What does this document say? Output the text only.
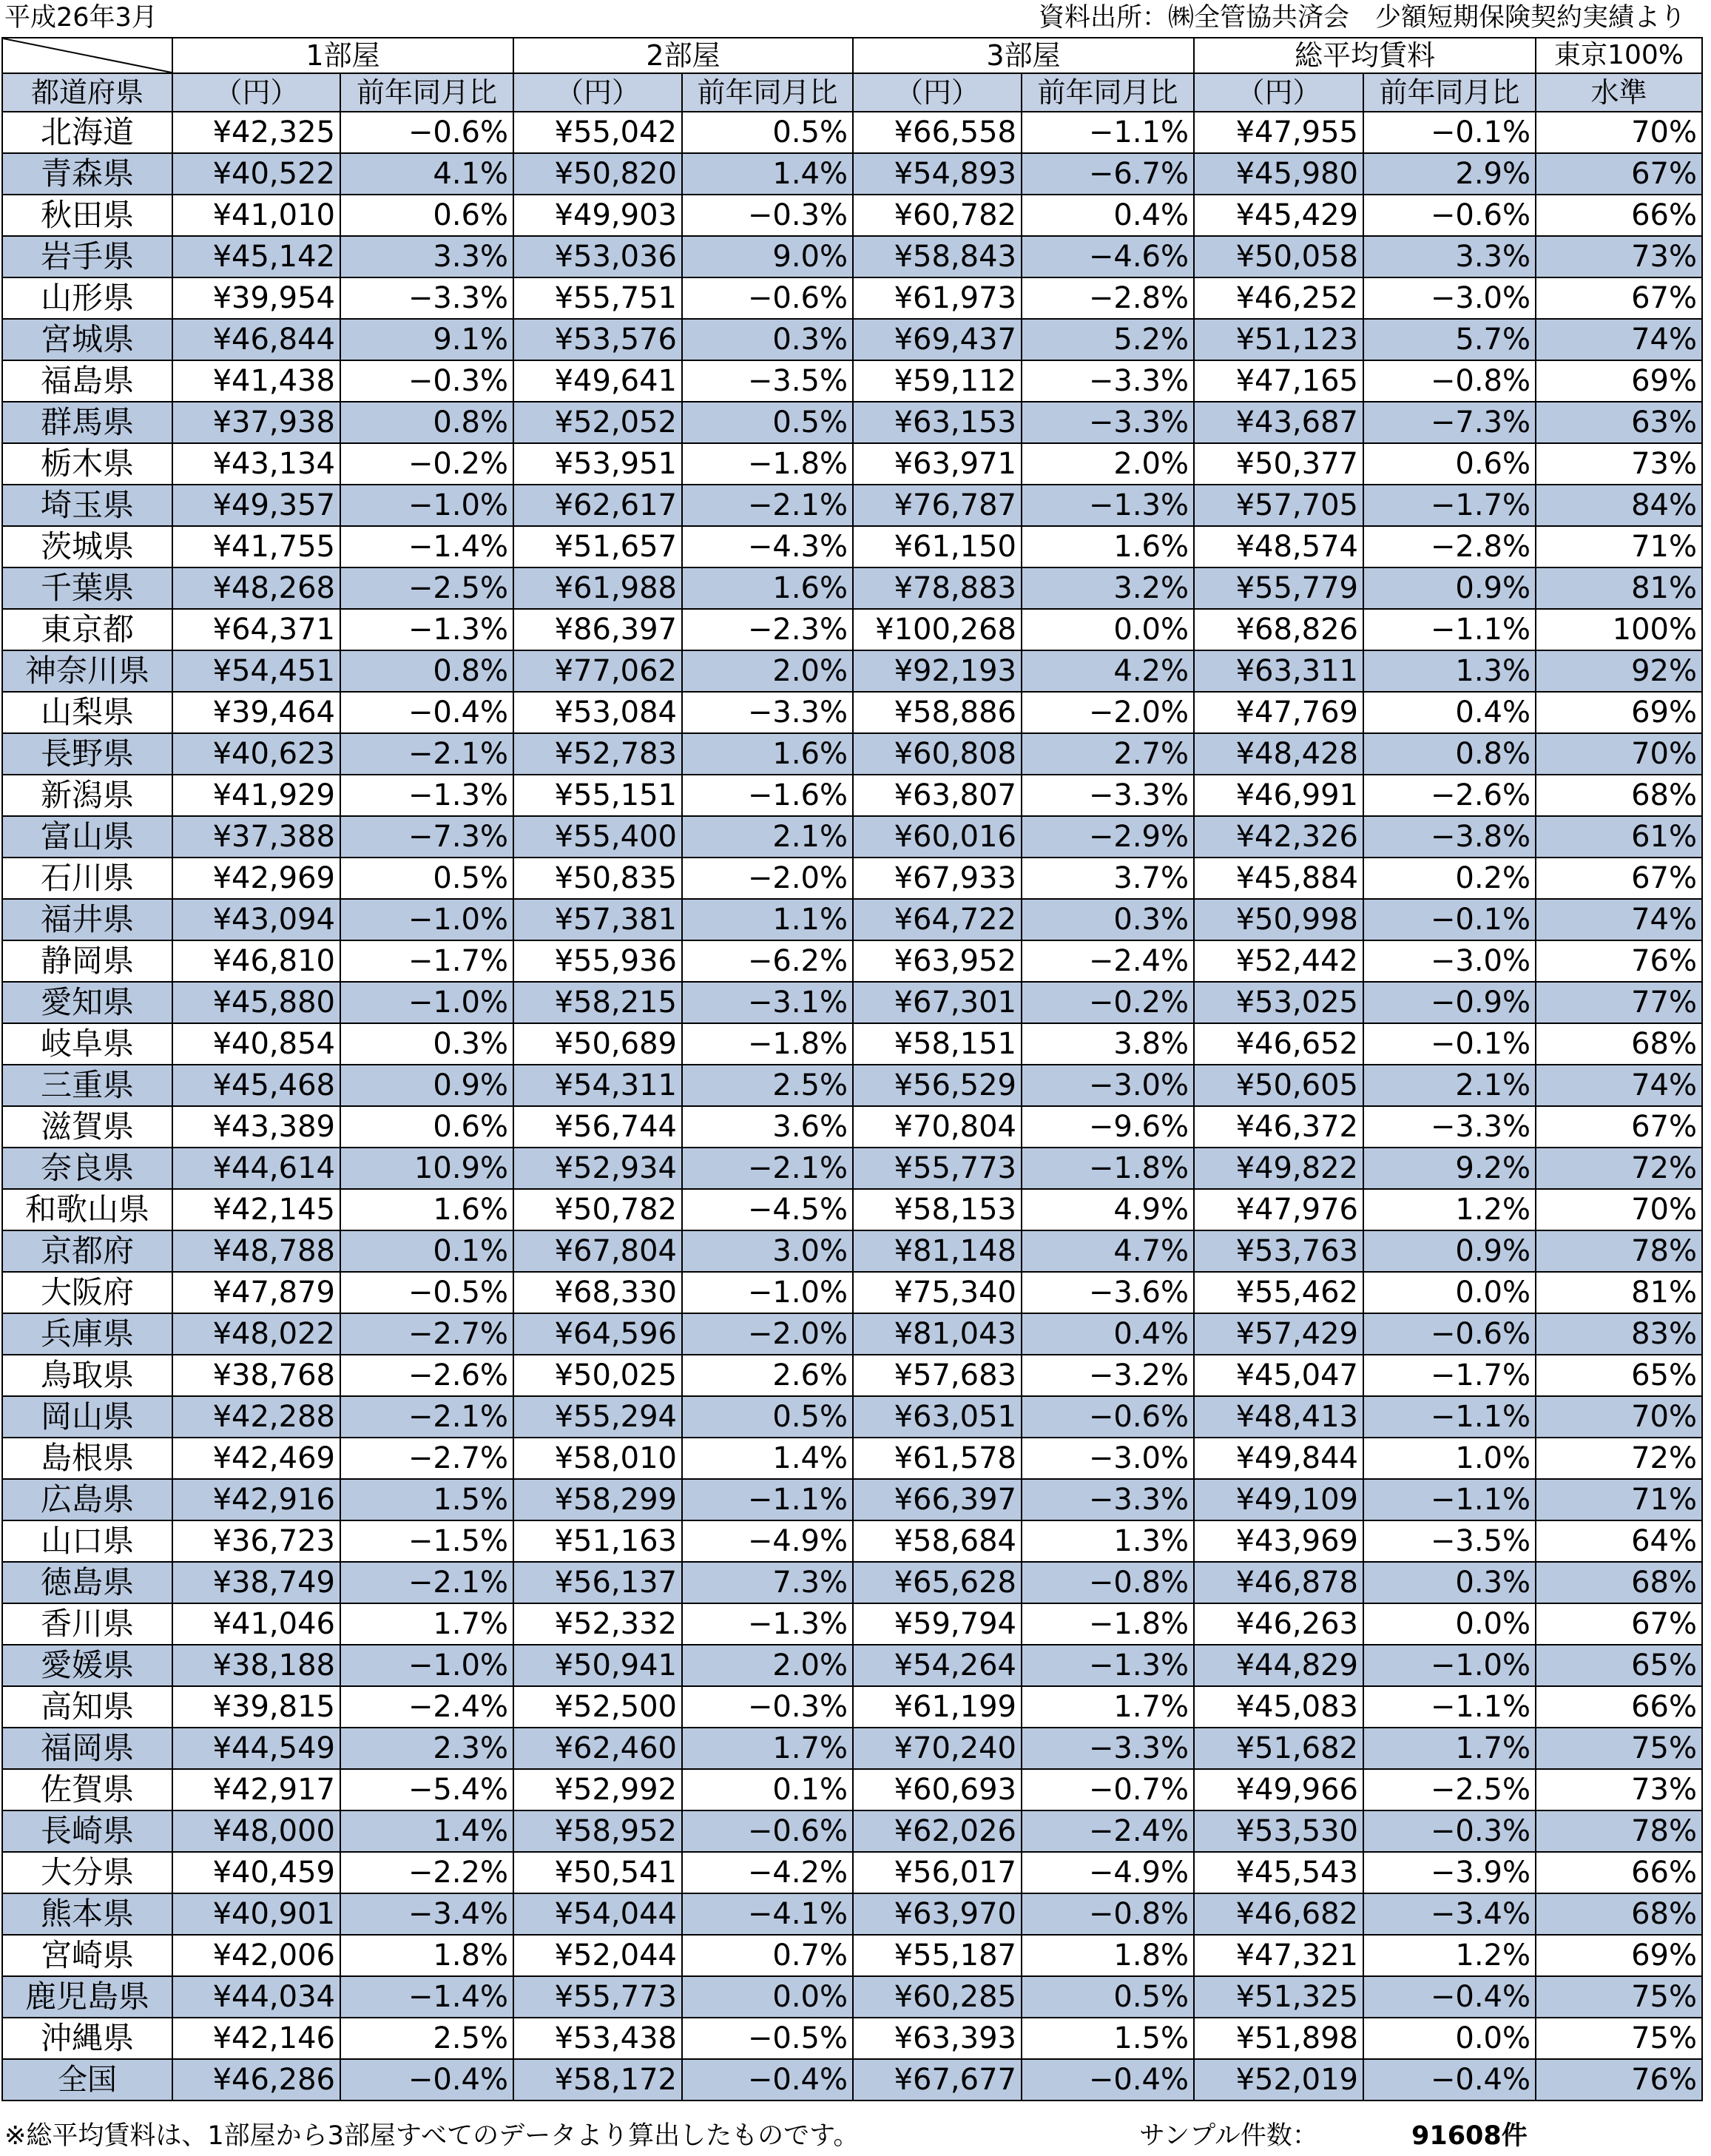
平成26年3月	資料出所：㈱全管協共済会　少額短期保険契約実績より
	1部屋		2部屋		3部屋		総平均賃料		東京100%
都道府県	（円）	前年同月比	（円）	前年同月比	（円）	前年同月比	（円）	前年同月比	水準
北海道	¥42,325	−0.6%	¥55,042	0.5%	¥66,558	−1.1%	¥47,955	−0.1%	70%
青森県	¥40,522	4.1%	¥50,820	1.4%	¥54,893	−6.7%	¥45,980	2.9%	67%
秋田県	¥41,010	0.6%	¥49,903	−0.3%	¥60,782	0.4%	¥45,429	−0.6%	66%
岩手県	¥45,142	3.3%	¥53,036	9.0%	¥58,843	−4.6%	¥50,058	3.3%	73%
山形県	¥39,954	−3.3%	¥55,751	−0.6%	¥61,973	−2.8%	¥46,252	−3.0%	67%
宮城県	¥46,844	9.1%	¥53,576	0.3%	¥69,437	5.2%	¥51,123	5.7%	74%
福島県	¥41,438	−0.3%	¥49,641	−3.5%	¥59,112	−3.3%	¥47,165	−0.8%	69%
群馬県	¥37,938	0.8%	¥52,052	0.5%	¥63,153	−3.3%	¥43,687	−7.3%	63%
栃木県	¥43,134	−0.2%	¥53,951	−1.8%	¥63,971	2.0%	¥50,377	0.6%	73%
埼玉県	¥49,357	−1.0%	¥62,617	−2.1%	¥76,787	−1.3%	¥57,705	−1.7%	84%
茨城県	¥41,755	−1.4%	¥51,657	−4.3%	¥61,150	1.6%	¥48,574	−2.8%	71%
千葉県	¥48,268	−2.5%	¥61,988	1.6%	¥78,883	3.2%	¥55,779	0.9%	81%
東京都	¥64,371	−1.3%	¥86,397	−2.3%	¥100,268	0.0%	¥68,826	−1.1%	100%
神奈川県	¥54,451	0.8%	¥77,062	2.0%	¥92,193	4.2%	¥63,311	1.3%	92%
山梨県	¥39,464	−0.4%	¥53,084	−3.3%	¥58,886	−2.0%	¥47,769	0.4%	69%
長野県	¥40,623	−2.1%	¥52,783	1.6%	¥60,808	2.7%	¥48,428	0.8%	70%
新潟県	¥41,929	−1.3%	¥55,151	−1.6%	¥63,807	−3.3%	¥46,991	−2.6%	68%
富山県	¥37,388	−7.3%	¥55,400	2.1%	¥60,016	−2.9%	¥42,326	−3.8%	61%
石川県	¥42,969	0.5%	¥50,835	−2.0%	¥67,933	3.7%	¥45,884	0.2%	67%
福井県	¥43,094	−1.0%	¥57,381	1.1%	¥64,722	0.3%	¥50,998	−0.1%	74%
静岡県	¥46,810	−1.7%	¥55,936	−6.2%	¥63,952	−2.4%	¥52,442	−3.0%	76%
愛知県	¥45,880	−1.0%	¥58,215	−3.1%	¥67,301	−0.2%	¥53,025	−0.9%	77%
岐阜県	¥40,854	0.3%	¥50,689	−1.8%	¥58,151	3.8%	¥46,652	−0.1%	68%
三重県	¥45,468	0.9%	¥54,311	2.5%	¥56,529	−3.0%	¥50,605	2.1%	74%
滋賀県	¥43,389	0.6%	¥56,744	3.6%	¥70,804	−9.6%	¥46,372	−3.3%	67%
奈良県	¥44,614	10.9%	¥52,934	−2.1%	¥55,773	−1.8%	¥49,822	9.2%	72%
和歌山県	¥42,145	1.6%	¥50,782	−4.5%	¥58,153	4.9%	¥47,976	1.2%	70%
京都府	¥48,788	0.1%	¥67,804	3.0%	¥81,148	4.7%	¥53,763	0.9%	78%
大阪府	¥47,879	−0.5%	¥68,330	−1.0%	¥75,340	−3.6%	¥55,462	0.0%	81%
兵庫県	¥48,022	−2.7%	¥64,596	−2.0%	¥81,043	0.4%	¥57,429	−0.6%	83%
鳥取県	¥38,768	−2.6%	¥50,025	2.6%	¥57,683	−3.2%	¥45,047	−1.7%	65%
岡山県	¥42,288	−2.1%	¥55,294	0.5%	¥63,051	−0.6%	¥48,413	−1.1%	70%
島根県	¥42,469	−2.7%	¥58,010	1.4%	¥61,578	−3.0%	¥49,844	1.0%	72%
広島県	¥42,916	1.5%	¥58,299	−1.1%	¥66,397	−3.3%	¥49,109	−1.1%	71%
山口県	¥36,723	−1.5%	¥51,163	−4.9%	¥58,684	1.3%	¥43,969	−3.5%	64%
徳島県	¥38,749	−2.1%	¥56,137	7.3%	¥65,628	−0.8%	¥46,878	0.3%	68%
香川県	¥41,046	1.7%	¥52,332	−1.3%	¥59,794	−1.8%	¥46,263	0.0%	67%
愛媛県	¥38,188	−1.0%	¥50,941	2.0%	¥54,264	−1.3%	¥44,829	−1.0%	65%
高知県	¥39,815	−2.4%	¥52,500	−0.3%	¥61,199	1.7%	¥45,083	−1.1%	66%
福岡県	¥44,549	2.3%	¥62,460	1.7%	¥70,240	−3.3%	¥51,682	1.7%	75%
佐賀県	¥42,917	−5.4%	¥52,992	0.1%	¥60,693	−0.7%	¥49,966	−2.5%	73%
長崎県	¥48,000	1.4%	¥58,952	−0.6%	¥62,026	−2.4%	¥53,530	−0.3%	78%
大分県	¥40,459	−2.2%	¥50,541	−4.2%	¥56,017	−4.9%	¥45,543	−3.9%	66%
熊本県	¥40,901	−3.4%	¥54,044	−4.1%	¥63,970	−0.8%	¥46,682	−3.4%	68%
宮崎県	¥42,006	1.8%	¥52,044	0.7%	¥55,187	1.8%	¥47,321	1.2%	69%
鹿児島県	¥44,034	−1.4%	¥55,773	0.0%	¥60,285	0.5%	¥51,325	−0.4%	75%
沖縄県	¥42,146	2.5%	¥53,438	−0.5%	¥63,393	1.5%	¥51,898	0.0%	75%
全国	¥46,286	−0.4%	¥58,172	−0.4%	¥67,677	−0.4%	¥52,019	−0.4%	76%
※総平均賃料は、1部屋から3部屋すべてのデータより算出したものです。	サンプル件数：	91608件
